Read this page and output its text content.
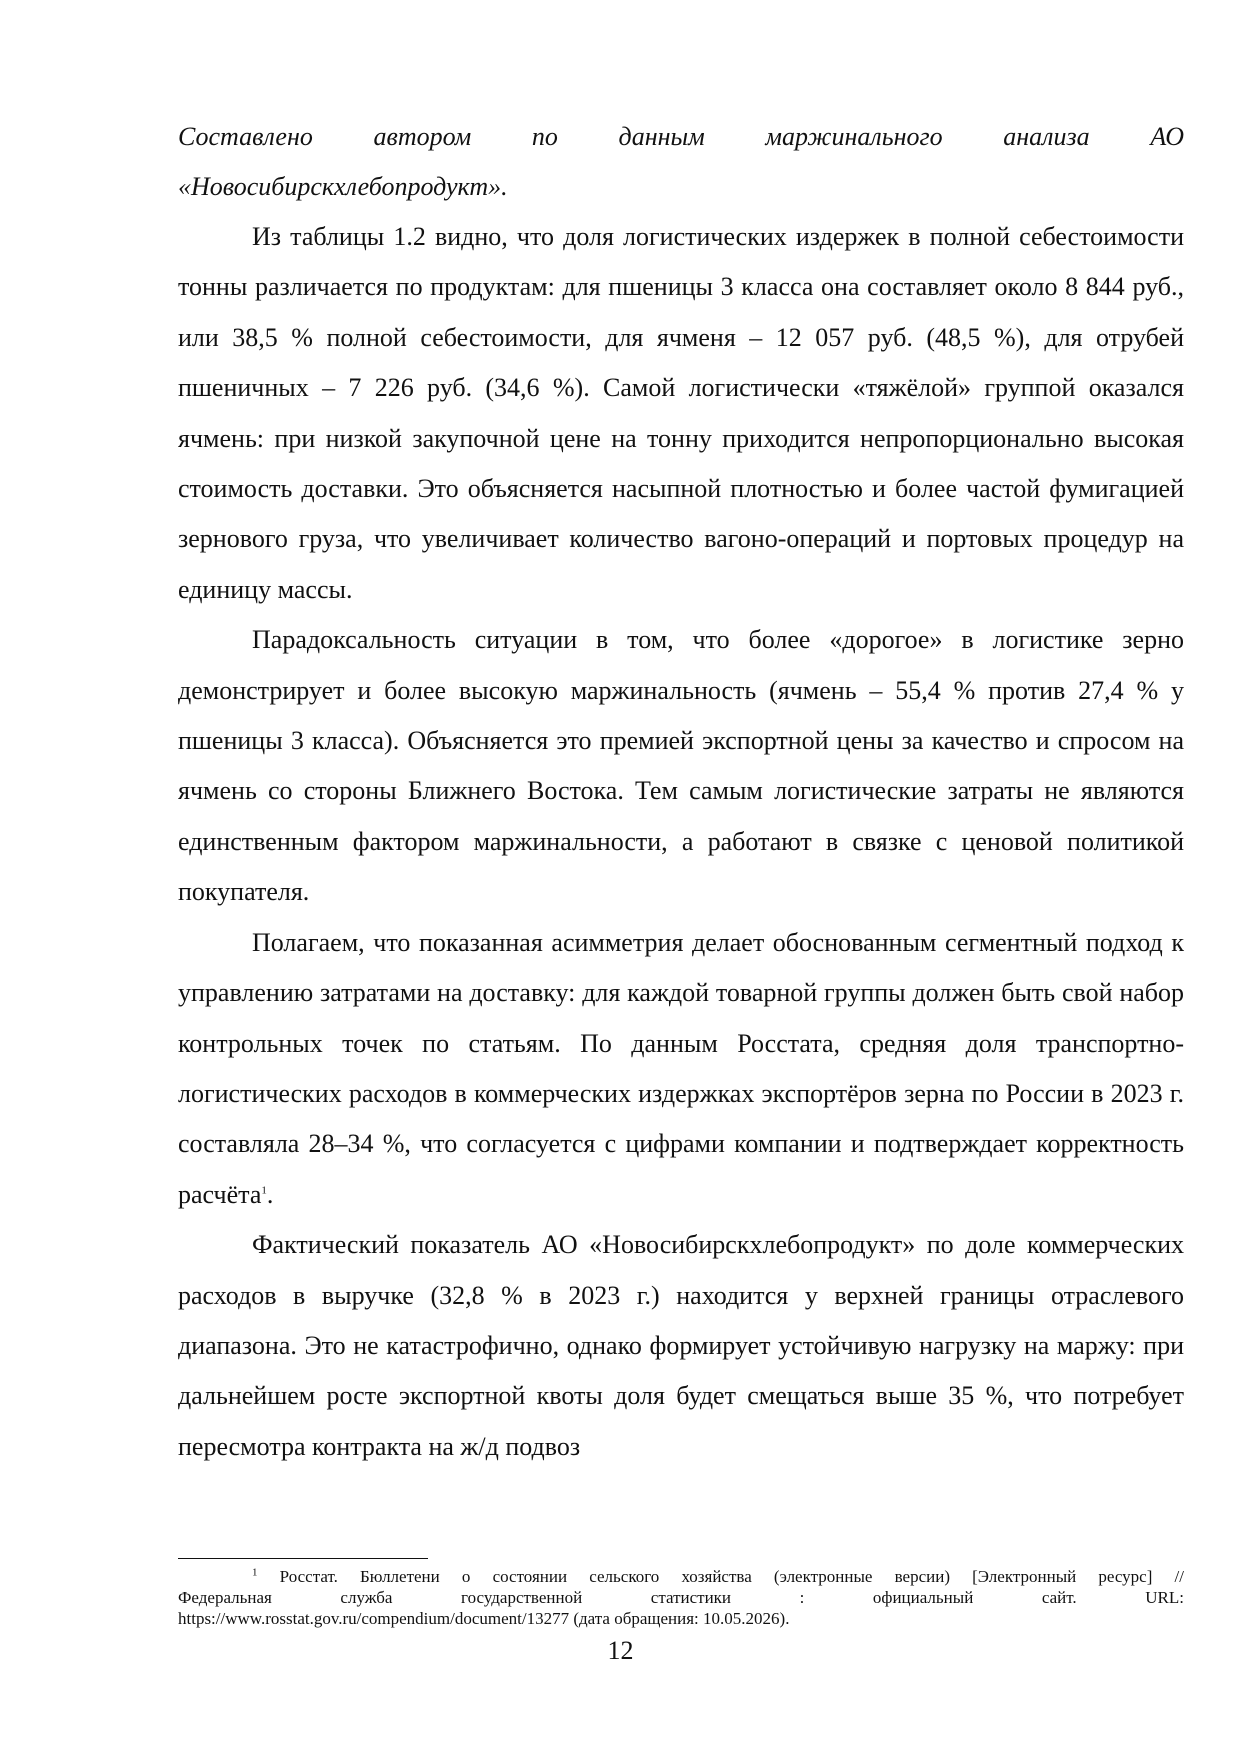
Составлено автором по данным маржинального анализа АО
«Новосибирскхлебопродукт».

Из таблицы 1.2 видно, что доля логистических издержек в полной себестоимости тонны различается по продуктам: для пшеницы 3 класса она составляет около 8 844 руб., или 38,5 % полной себестоимости, для ячменя – 12 057 руб. (48,5 %), для отрубей пшеничных – 7 226 руб. (34,6 %). Самой логистически «тяжёлой» группой оказался ячмень: при низкой закупочной цене на тонну приходится непропорционально высокая стоимость доставки. Это объясняется насыпной плотностью и более частой фумигацией зернового груза, что увеличивает количество вагоно-операций и портовых процедур на единицу массы.

Парадоксальность ситуации в том, что более «дорогое» в логистике зерно демонстрирует и более высокую маржинальность (ячмень – 55,4 % против 27,4 % у пшеницы 3 класса). Объясняется это премией экспортной цены за качество и спросом на ячмень со стороны Ближнего Востока. Тем самым логистические затраты не являются единственным фактором маржинальности, а работают в связке с ценовой политикой покупателя.

Полагаем, что показанная асимметрия делает обоснованным сегментный подход к управлению затратами на доставку: для каждой товарной группы должен быть свой набор контрольных точек по статьям. По данным Росстата, средняя доля транспортно-логистических расходов в коммерческих издержках экспортёров зерна по России в 2023 г. составляла 28–34 %, что согласуется с цифрами компании и подтверждает корректность расчёта$^1$.

Фактический показатель АО «Новосибирскхлебопродукт» по доле коммерческих расходов в выручке (32,8 % в 2023 г.) находится у верхней границы отраслевого диапазона. Это не катастрофично, однако формирует устойчивую нагрузку на маржу: при дальнейшем росте экспортной квоты доля будет смещаться выше 35 %, что потребует пересмотра контракта на ж/д подвоз

$^1$ Росстат. Бюллетени о состоянии сельского хозяйства (электронные версии) [Электронный ресурс] //
Федеральная служба государственной статистики : официальный сайт. URL:
https://www.rosstat.gov.ru/compendium/document/13277 (дата обращения: 10.05.2026).
12
